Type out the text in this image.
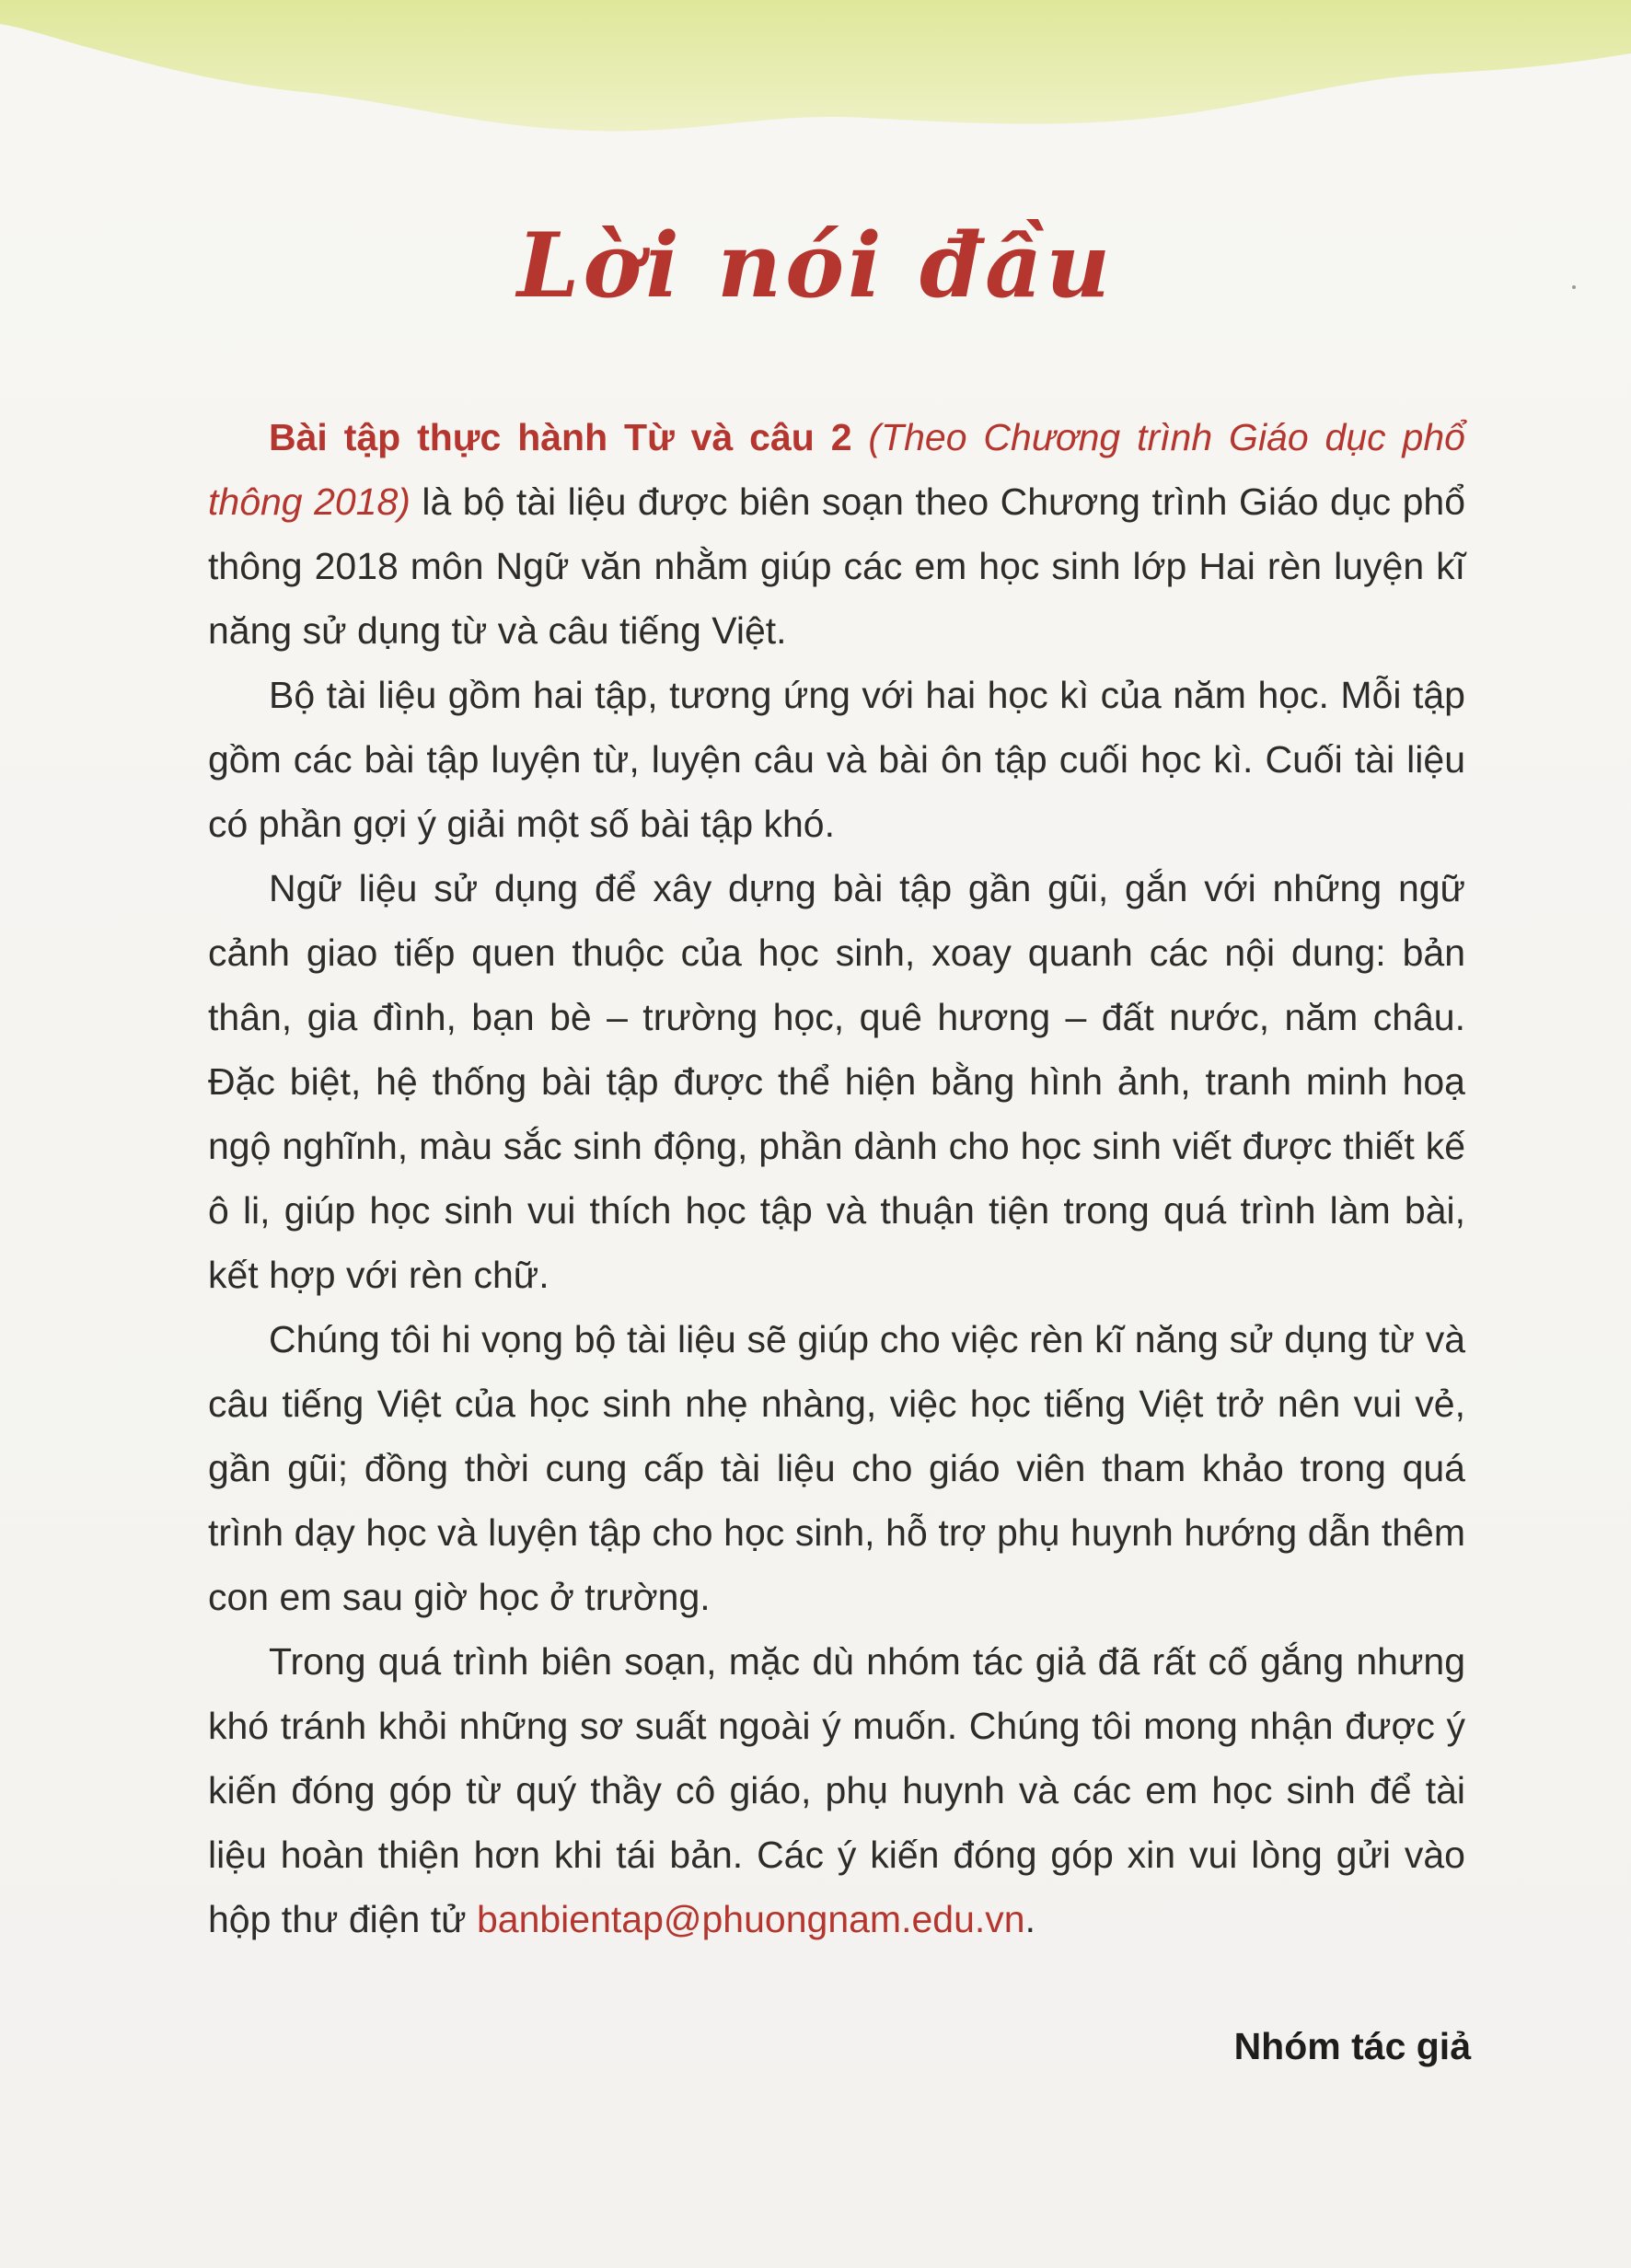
Lời nói đầu

Bài tập thực hành Từ và câu 2 (Theo Chương trình Giáo dục phổ thông 2018) là bộ tài liệu được biên soạn theo Chương trình Giáo dục phổ thông 2018 môn Ngữ văn nhằm giúp các em học sinh lớp Hai rèn luyện kĩ năng sử dụng từ và câu tiếng Việt.

Bộ tài liệu gồm hai tập, tương ứng với hai học kì của năm học. Mỗi tập gồm các bài tập luyện từ, luyện câu và bài ôn tập cuối học kì. Cuối tài liệu có phần gợi ý giải một số bài tập khó.

Ngữ liệu sử dụng để xây dựng bài tập gần gũi, gắn với những ngữ cảnh giao tiếp quen thuộc của học sinh, xoay quanh các nội dung: bản thân, gia đình, bạn bè – trường học, quê hương – đất nước, năm châu. Đặc biệt, hệ thống bài tập được thể hiện bằng hình ảnh, tranh minh hoạ ngộ nghĩnh, màu sắc sinh động, phần dành cho học sinh viết được thiết kế ô li, giúp học sinh vui thích học tập và thuận tiện trong quá trình làm bài, kết hợp với rèn chữ.

Chúng tôi hi vọng bộ tài liệu sẽ giúp cho việc rèn kĩ năng sử dụng từ và câu tiếng Việt của học sinh nhẹ nhàng, việc học tiếng Việt trở nên vui vẻ, gần gũi; đồng thời cung cấp tài liệu cho giáo viên tham khảo trong quá trình dạy học và luyện tập cho học sinh, hỗ trợ phụ huynh hướng dẫn thêm con em sau giờ học ở trường.

Trong quá trình biên soạn, mặc dù nhóm tác giả đã rất cố gắng nhưng khó tránh khỏi những sơ suất ngoài ý muốn. Chúng tôi mong nhận được ý kiến đóng góp từ quý thầy cô giáo, phụ huynh và các em học sinh để tài liệu hoàn thiện hơn khi tái bản. Các ý kiến đóng góp xin vui lòng gửi vào hộp thư điện tử banbientap@phuongnam.edu.vn.

Nhóm tác giả
